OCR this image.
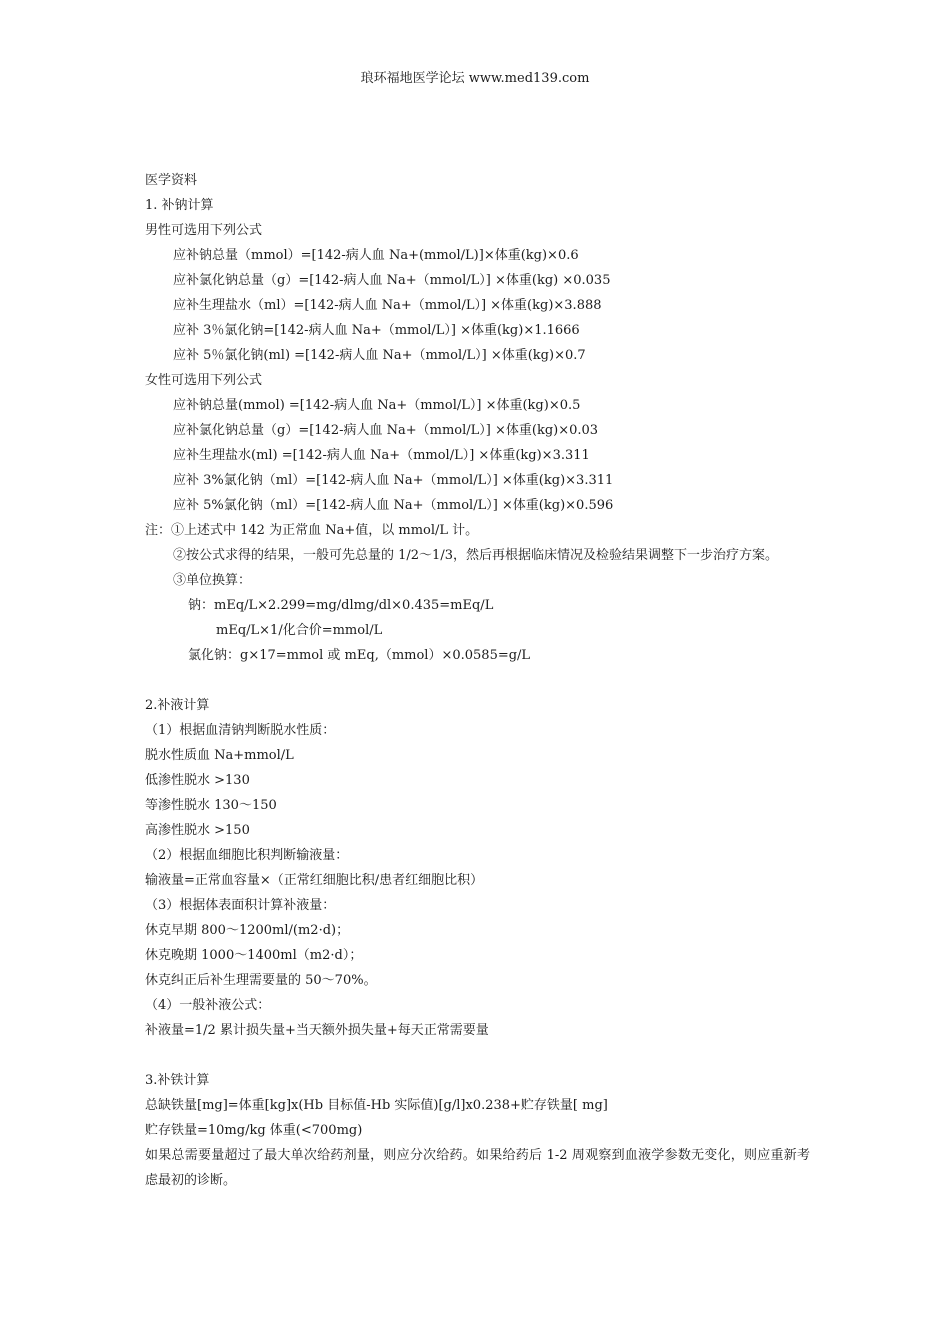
琅环福地医学论坛 www.med139.com
医学资料
1. 补钠计算
男性可选用下列公式
应补钠总量（mmol）=[142-病人血 Na+(mmol/L)]×体重(kg)×0.6
应补氯化钠总量（g）=[142-病人血 Na+（mmol/L）] ×体重(kg) ×0.035
应补生理盐水（ml）=[142-病人血 Na+（mmol/L）] ×体重(kg)×3.888
应补 3％氯化钠=[142-病人血 Na+（mmol/L）] ×体重(kg)×1.1666
应补 5％氯化钠(ml) =[142-病人血 Na+（mmol/L）] ×体重(kg)×0.7
女性可选用下列公式
应补钠总量(mmol) =[142-病人血 Na+（mmol/L）] ×体重(kg)×0.5
应补氯化钠总量（g）=[142-病人血 Na+（mmol/L）] ×体重(kg)×0.03
应补生理盐水(ml) =[142-病人血 Na+（mmol/L）] ×体重(kg)×3.311
应补 3%氯化钠（ml）=[142-病人血 Na+（mmol/L）] ×体重(kg)×3.311
应补 5%氯化钠（ml）=[142-病人血 Na+（mmol/L）] ×体重(kg)×0.596
注：①上述式中 142 为正常血 Na+值，以 mmol/L 计。
②按公式求得的结果，一般可先总量的 1/2～1/3，然后再根据临床情况及检验结果调整下一步治疗方案。
③单位换算：
钠：mEq/L×2.299=mg/dlmg/dl×0.435=mEq/L
mEq/L×1/化合价=mmol/L
氯化钠：g×17=mmol 或 mEq,（mmol）×0.0585=g/L
2.补液计算
（1）根据血清钠判断脱水性质：
脱水性质血 Na+mmol/L
低渗性脱水 >130
等渗性脱水 130～150
高渗性脱水 >150
（2）根据血细胞比积判断输液量：
输液量=正常血容量×（正常红细胞比积/患者红细胞比积）
（3）根据体表面积计算补液量：
休克早期 800～1200ml/(m2·d)；
休克晚期 1000～1400ml（m2·d）；
休克纠正后补生理需要量的 50～70%。
（4）一般补液公式：
补液量=1/2 累计损失量+当天额外损失量+每天正常需要量
3.补铁计算
总缺铁量[mg]=体重[kg]x(Hb 目标值-Hb 实际值)[g/l]x0.238+贮存铁量[ mg]
贮存铁量=10mg/kg 体重(<700mg)
如果总需要量超过了最大单次给药剂量，则应分次给药。如果给药后 1-2 周观察到血液学参数无变化，则应重新考虑最初的诊断。
